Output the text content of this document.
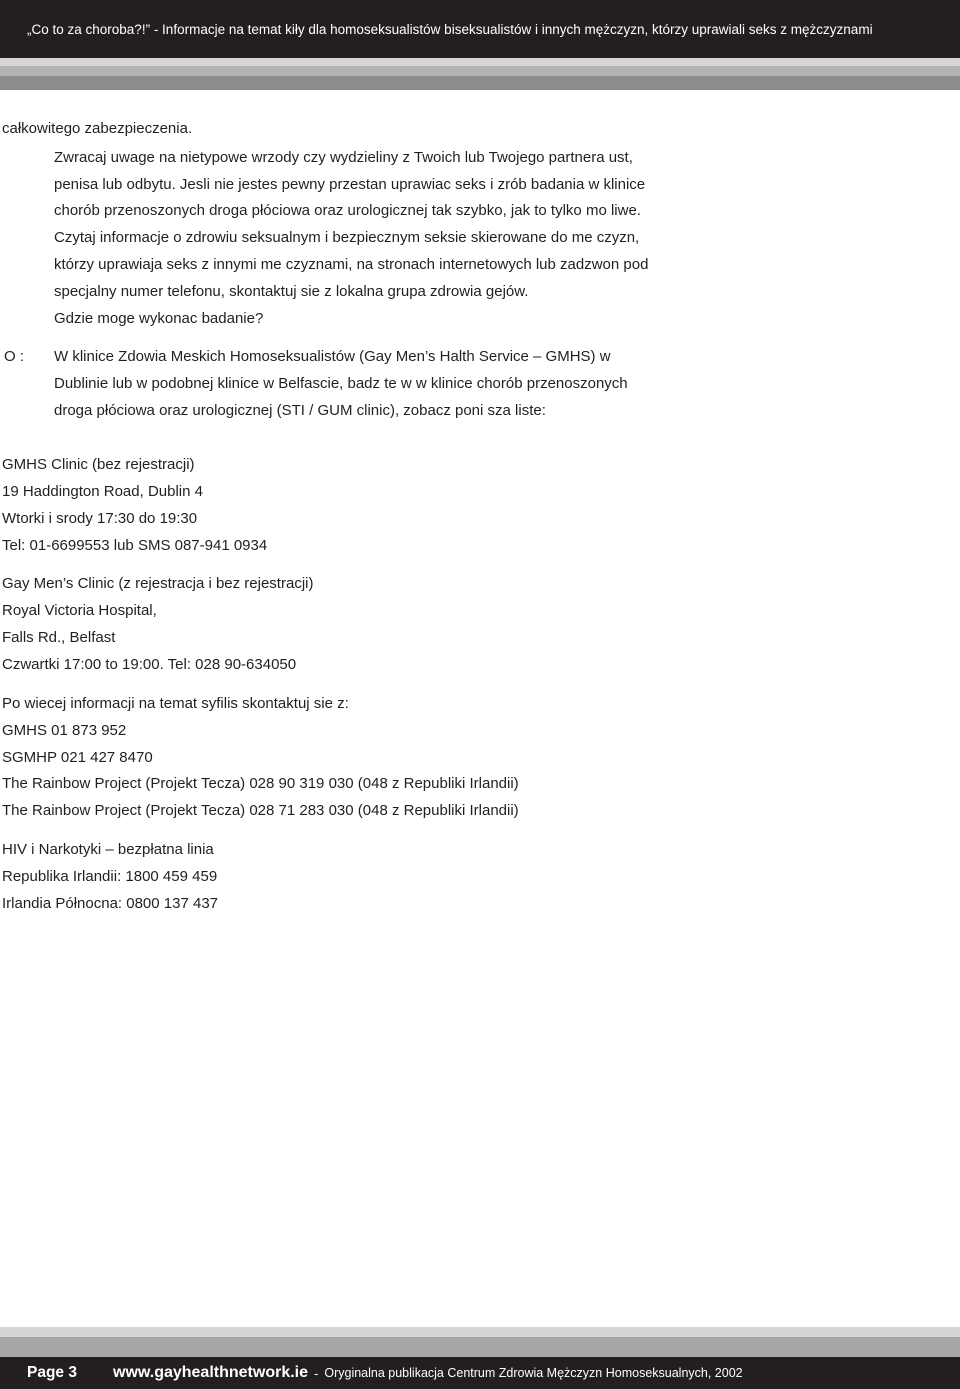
„Co to za choroba?!” - Informacje na temat kiły dla homoseksualistów biseksualistów i innych mężczyzn, którzy uprawiali seks z mężczyznami
całkowitego zabezpieczenia.
Zwracaj uwage na nietypowe wrzody czy wydzieliny z Twoich lub Twojego partnera ust,
penisa lub odbytu. Jesli nie jestes pewny przestan uprawiac seks i zrób badania w klinice
chorób przenoszonych droga płóciowa oraz urologicznej tak szybko, jak to tylko mo liwe.
Czytaj informacje o zdrowiu seksualnym i bezpiecznym seksie skierowane do me czyzn,
którzy uprawiaja seks z innymi me czyznami, na stronach internetowych lub zadzwon pod
specjalny numer telefonu, skontaktuj sie z lokalna grupa zdrowia gejów.
Gdzie moge wykonac badanie?
O : W klinice Zdowia Meskich Homoseksualistów (Gay Men’s Halth Service – GMHS) w
Dublinie lub w podobnej klinice w Belfascie, badz te w w klinice chorób przenoszonych
droga płóciowa oraz urologicznej (STI / GUM clinic), zobacz poni sza liste:
GMHS Clinic (bez rejestracji)
19 Haddington Road, Dublin 4
Wtorki i srody 17:30 do 19:30
Tel: 01-6699553 lub SMS 087-941 0934
Gay Men’s Clinic (z rejestracja i bez rejestracji)
Royal Victoria Hospital,
Falls Rd., Belfast
Czwartki 17:00 to 19:00. Tel: 028 90-634050
Po wiecej informacji na temat syfilis skontaktuj sie z:
GMHS 01 873 952
SGMHP 021 427 8470
The Rainbow Project (Projekt Tecza) 028 90 319 030 (048 z Republiki Irlandii)
The Rainbow Project (Projekt Tecza) 028 71 283 030 (048 z Republiki Irlandii)
HIV i Narkotyki – bezpłatna linia
Republika Irlandii: 1800 459 459
Irlandia Północna: 0800 137 437
Page 3	www.gayhealthnetwork.ie - Oryginalna publikacja Centrum Zdrowia Mężczyzn Homoseksualnych, 2002
